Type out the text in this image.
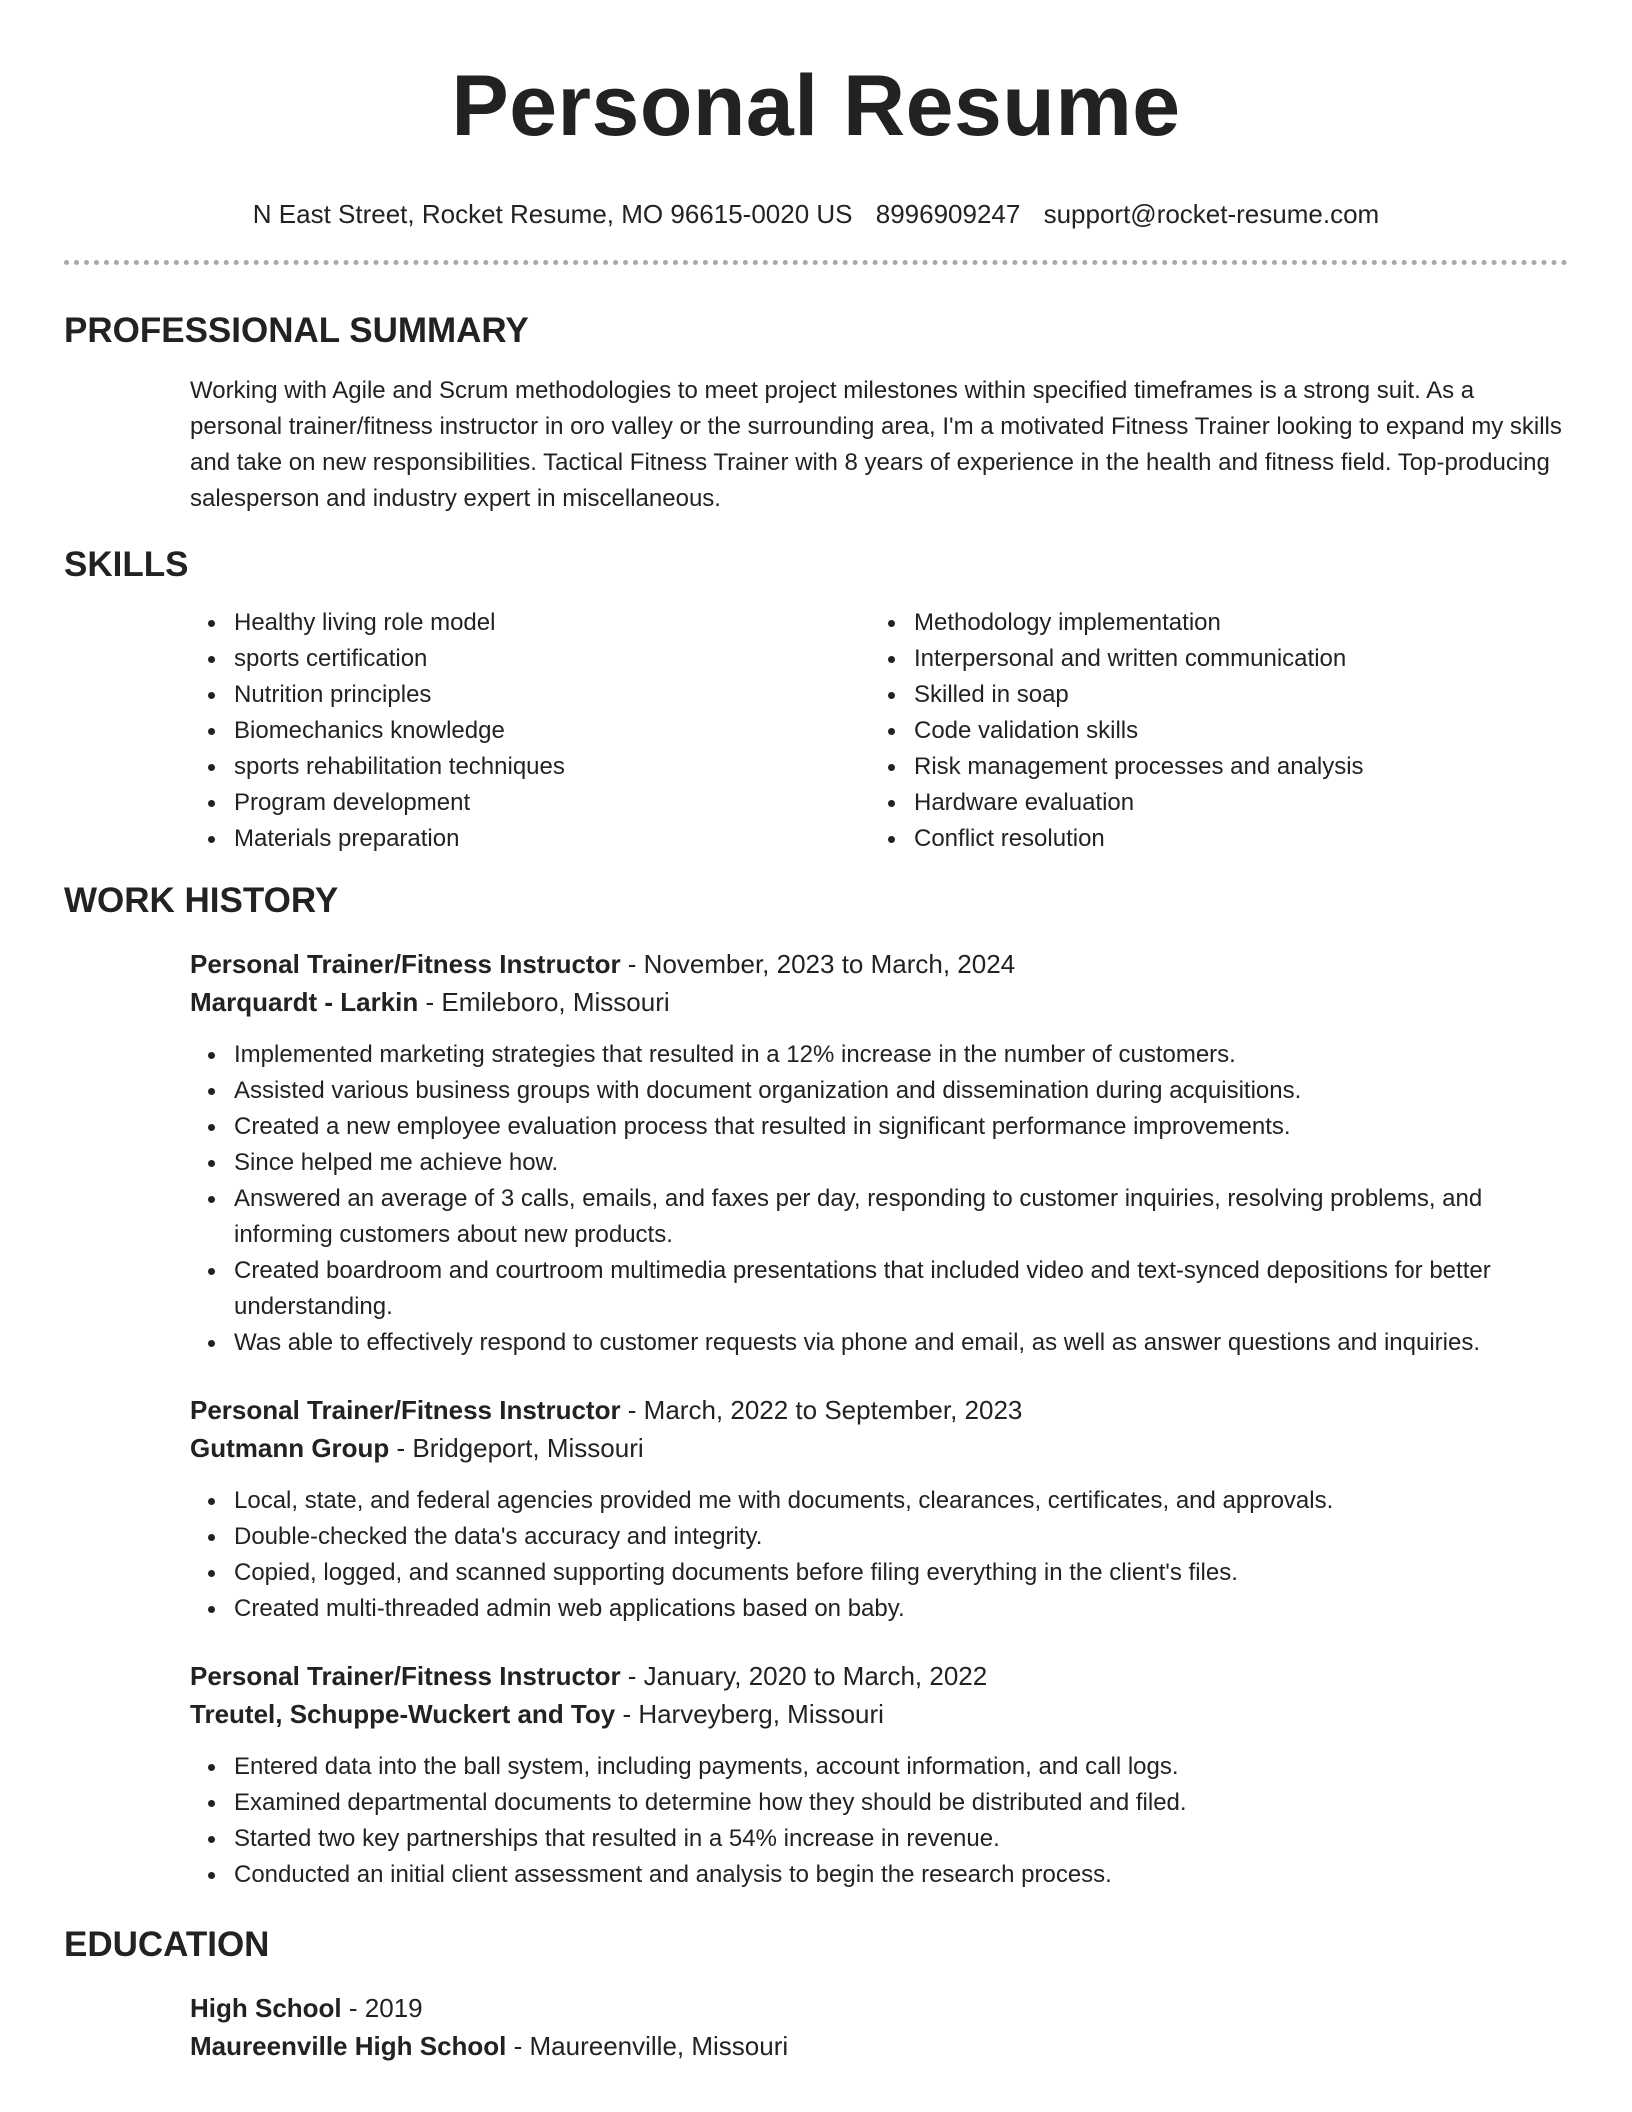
Personal Resume
N East Street, Rocket Resume, MO 96615-0020 US 8996909247 support@rocket-resume.com
PROFESSIONAL SUMMARY
Working with Agile and Scrum methodologies to meet project milestones within specified timeframes is a strong suit. As a personal trainer/fitness instructor in oro valley or the surrounding area, I'm a motivated Fitness Trainer looking to expand my skills and take on new responsibilities. Tactical Fitness Trainer with 8 years of experience in the health and fitness field. Top-producing salesperson and industry expert in miscellaneous.
SKILLS
Healthy living role model
sports certification
Nutrition principles
Biomechanics knowledge
sports rehabilitation techniques
Program development
Materials preparation
Methodology implementation
Interpersonal and written communication
Skilled in soap
Code validation skills
Risk management processes and analysis
Hardware evaluation
Conflict resolution
WORK HISTORY
Personal Trainer/Fitness Instructor - November, 2023 to March, 2024
Marquardt - Larkin - Emileboro, Missouri
Implemented marketing strategies that resulted in a 12% increase in the number of customers.
Assisted various business groups with document organization and dissemination during acquisitions.
Created a new employee evaluation process that resulted in significant performance improvements.
Since helped me achieve how.
Answered an average of 3 calls, emails, and faxes per day, responding to customer inquiries, resolving problems, and informing customers about new products.
Created boardroom and courtroom multimedia presentations that included video and text-synced depositions for better understanding.
Was able to effectively respond to customer requests via phone and email, as well as answer questions and inquiries.
Personal Trainer/Fitness Instructor - March, 2022 to September, 2023
Gutmann Group - Bridgeport, Missouri
Local, state, and federal agencies provided me with documents, clearances, certificates, and approvals.
Double-checked the data's accuracy and integrity.
Copied, logged, and scanned supporting documents before filing everything in the client's files.
Created multi-threaded admin web applications based on baby.
Personal Trainer/Fitness Instructor - January, 2020 to March, 2022
Treutel, Schuppe-Wuckert and Toy - Harveyberg, Missouri
Entered data into the ball system, including payments, account information, and call logs.
Examined departmental documents to determine how they should be distributed and filed.
Started two key partnerships that resulted in a 54% increase in revenue.
Conducted an initial client assessment and analysis to begin the research process.
EDUCATION
High School - 2019
Maureenville High School - Maureenville, Missouri
